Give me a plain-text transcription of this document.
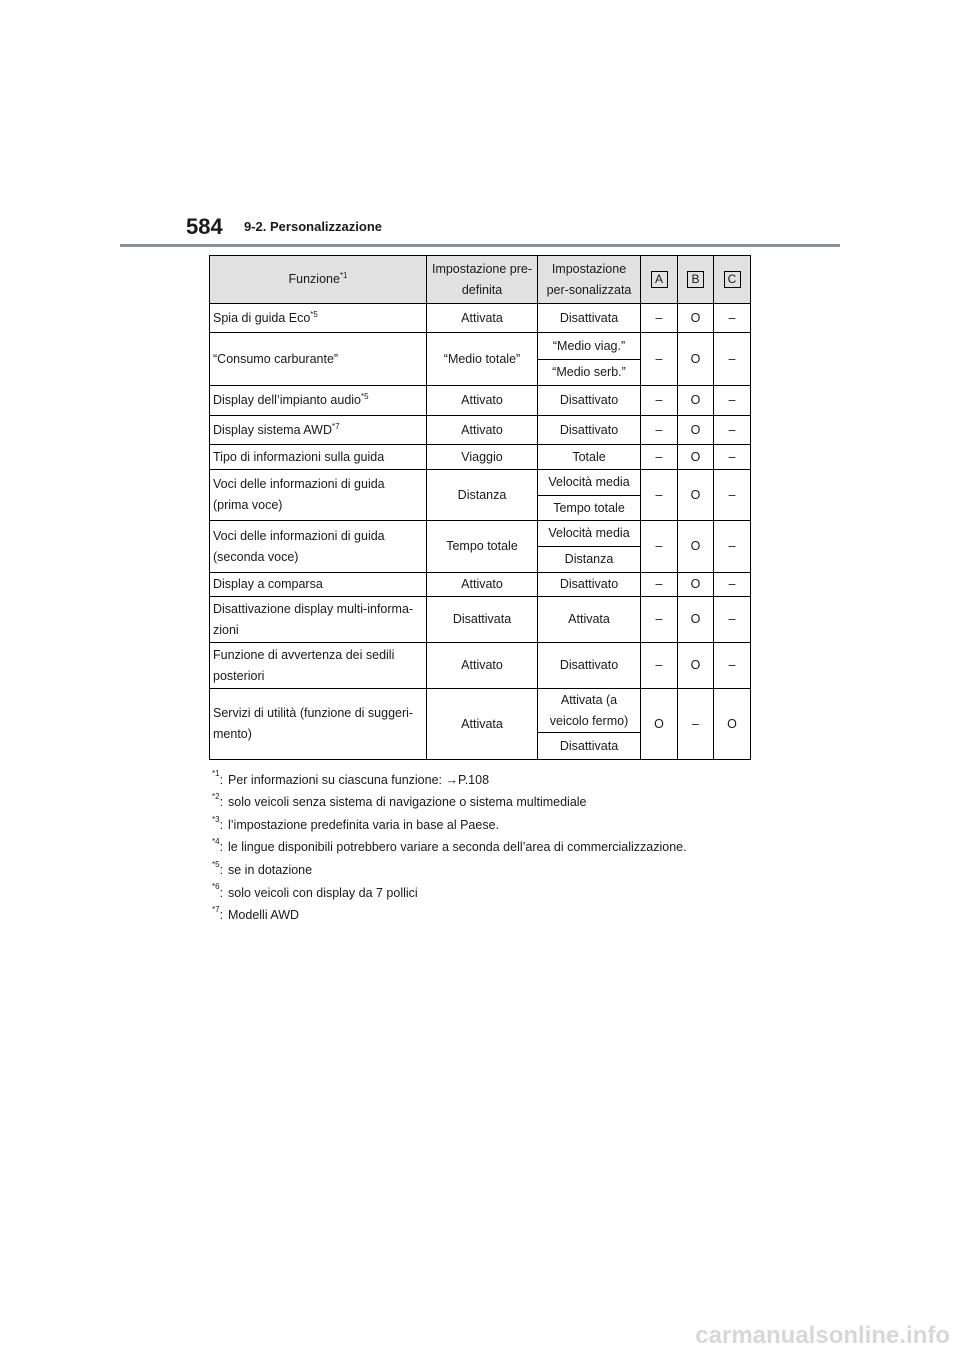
584 9-2. Personalizzazione
Funzione$^{*1}$	Impostazione pre-definita	Impostazione per-sonalizzata	A	B	C
Spia di guida Eco$^{*5}$	Attivata	Disattivata	–	O	–
“Consumo carburante”	“Medio totale”	“Medio viag.”	–	O	–
		“Medio serb.”			
Display dell’impianto audio$^{*5}$	Attivato	Disattivato	–	O	–
Display sistema AWD$^{*7}$	Attivato	Disattivato	–	O	–
Tipo di informazioni sulla guida	Viaggio	Totale	–	O	–
Voci delle informazioni di guida (prima voce)	Distanza	Velocità media	–	O	–
		Tempo totale			
Voci delle informazioni di guida (seconda voce)	Tempo totale	Velocità media	–	O	–
		Distanza			
Display a comparsa	Attivato	Disattivato	–	O	–
Disattivazione display multi-informa-zioni	Disattivata	Attivata	–	O	–
Funzione di avvertenza dei sedili posteriori	Attivato	Disattivato	–	O	–
Servizi di utilità (funzione di suggeri-mento)	Attivata	Attivata (a veicolo fermo)	O	–	O
		Disattivata			
$^{*1}$: Per informazioni su ciascuna funzione: →P.108
$^{*2}$: solo veicoli senza sistema di navigazione o sistema multimediale
$^{*3}$: l’impostazione predefinita varia in base al Paese.
$^{*4}$: le lingue disponibili potrebbero variare a seconda dell’area di commercializzazione.
$^{*5}$: se in dotazione
$^{*6}$: solo veicoli con display da 7 pollici
$^{*7}$: Modelli AWD
carmanualsonline.info
